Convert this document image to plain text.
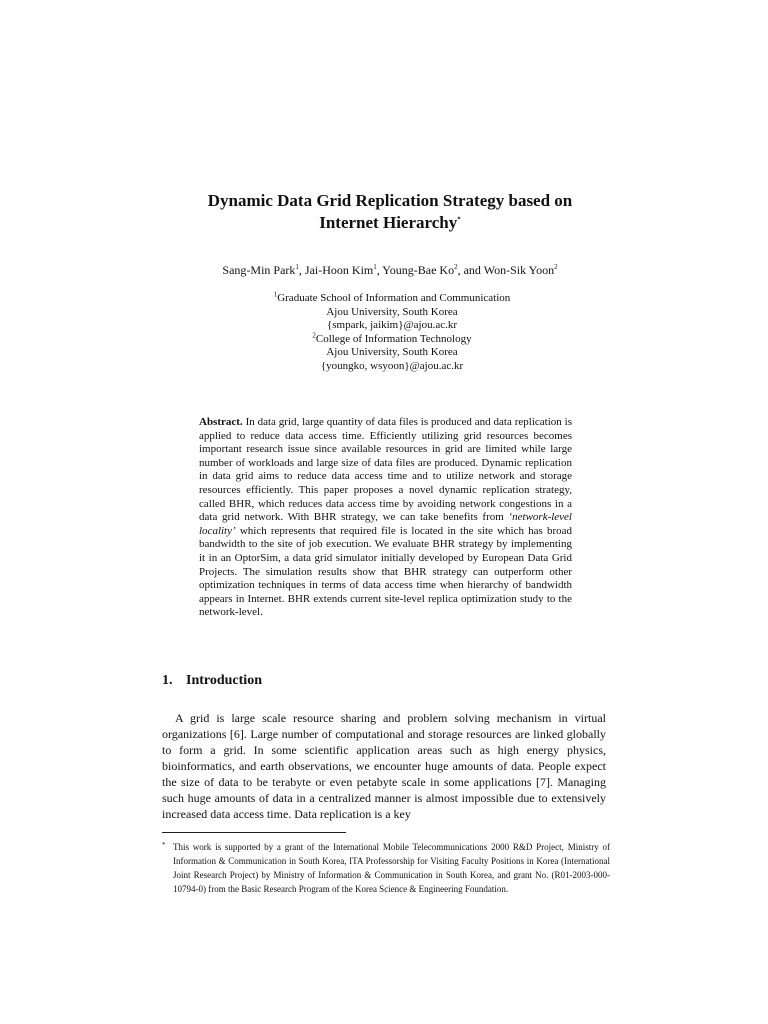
Dynamic Data Grid Replication Strategy based on
Internet Hierarchy*
Sang-Min Park$^1$, Jai-Hoon Kim$^1$, Young-Bae Ko$^2$, and Won-Sik Yoon$^2$
$^1$Graduate School of Information and Communication
Ajou University, South Korea
{smpark, jaikim}@ajou.ac.kr
$^2$College of Information Technology
Ajou University, South Korea
{youngko, wsyoon}@ajou.ac.kr

Abstract. In data grid, large quantity of data files is produced and data replication is applied to reduce data access time. Efficiently utilizing grid resources becomes important research issue since available resources in grid are limited while large number of workloads and large size of data files are produced. Dynamic replication in data grid aims to reduce data access time and to utilize network and storage resources efficiently. This paper proposes a novel dynamic replication strategy, called BHR, which reduces data access time by avoiding network congestions in a data grid network. With BHR strategy, we can take benefits from ‘network-level locality’ which represents that required file is located in the site which has broad bandwidth to the site of job execution. We evaluate BHR strategy by implementing it in an OptorSim, a data grid simulator initially developed by European Data Grid Projects. The simulation results show that BHR strategy can outperform other optimization techniques in terms of data access time when hierarchy of bandwidth appears in Internet. BHR extends current site-level replica optimization study to the network-level.

1. Introduction

A grid is large scale resource sharing and problem solving mechanism in virtual organizations [6]. Large number of computational and storage resources are linked globally to form a grid. In some scientific application areas such as high energy physics, bioinformatics, and earth observations, we encounter huge amounts of data. People expect the size of data to be terabyte or even petabyte scale in some applications [7]. Managing such huge amounts of data in a centralized manner is almost impossible due to extensively increased data access time. Data replication is a key

* This work is supported by a grant of the International Mobile Telecommunications 2000 R&D Project, Ministry of Information & Communication in South Korea, ITA Professorship for Visiting Faculty Positions in Korea (International Joint Research Project) by Ministry of Information & Communication in South Korea, and grant No. (R01-2003-000-10794-0) from the Basic Research Program of the Korea Science & Engineering Foundation.
